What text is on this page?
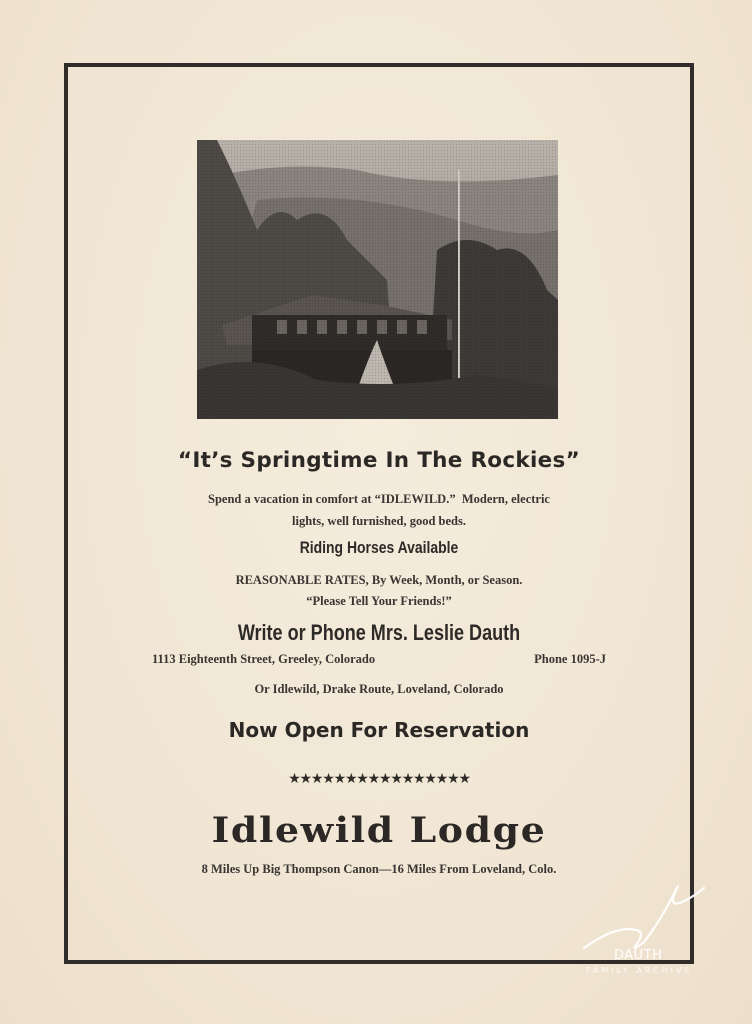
“It’s Springtime In The Rockies”
Spend a vacation in comfort at “IDLEWILD.”  Modern, electric
lights, well furnished, good beds.
Riding Horses Available
REASONABLE RATES, By Week, Month, or Season.
“Please Tell Your Friends!”
Write or Phone Mrs. Leslie Dauth
1113 Eighteenth Street, Greeley, Colorado	Phone 1095-J
Or Idlewild, Drake Route, Loveland, Colorado
Now Open For Reservation
★★★★★★★★★★★★★★★★
Idlewild Lodge
8 Miles Up Big Thompson Canon—16 Miles From Loveland, Colo.
DAUTH
FAMILY ARCHIVE
